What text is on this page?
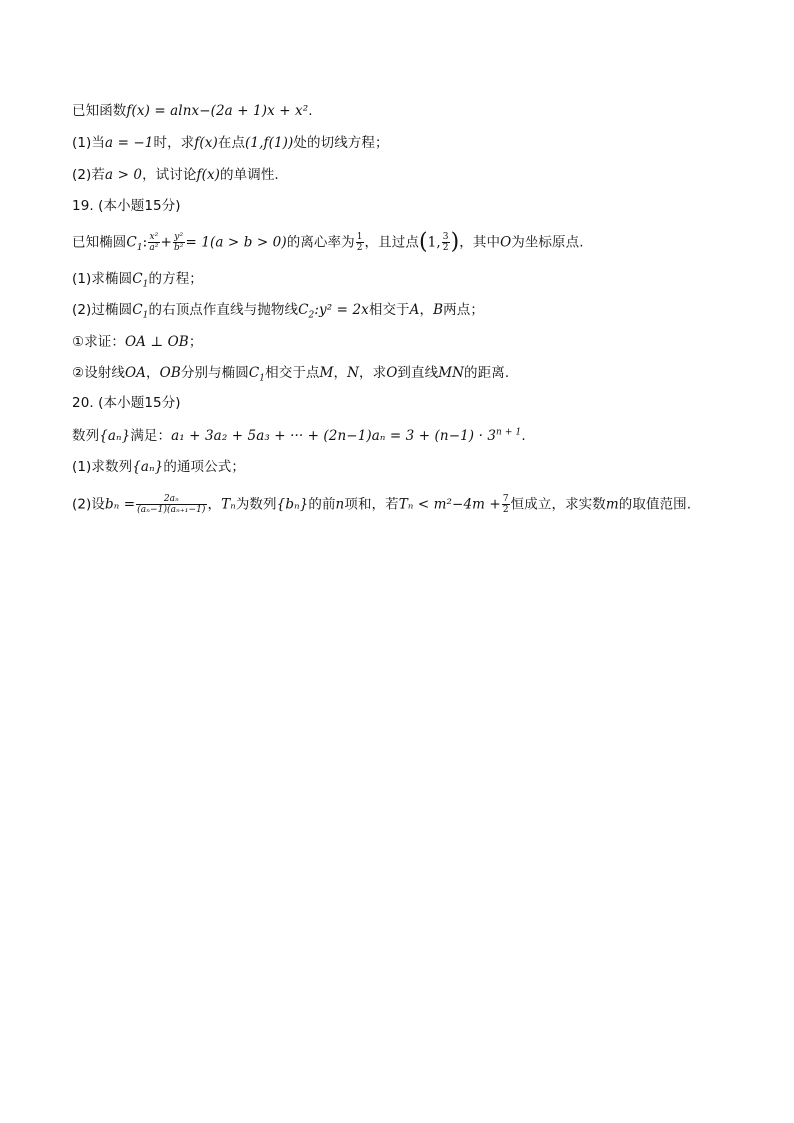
已知函数f(x) = alnx−(2a + 1)x + x².
(1)当a = −1时，求f(x)在点(1,f(1))处的切线方程；
(2)若a > 0，试讨论f(x)的单调性.
19. (本小题15分)
已知椭圆$C_1$: $\frac{\text{x²}}{\text{a²}} + \frac{\text{y²}}{\text{b²}} = 1(a > b > 0)$的离心率为 $\frac{1}{2}$ ，且过点(1, $\frac{3}{2}$ )，其中O为坐标原点.
(1)求椭圆$C_1$的方程；
(2)过椭圆$C_1$的右顶点作直线与抛物线$C_2:y^2 = 2x$相交于A，B两点；
①求证：OA ⊥ OB；
②设射线OA，OB分别与椭圆$C_1$相交于点M，N，求O到直线MN的距离.
20. (本小题15分)
数列{aₙ}满足：a₁ + 3a₂ + 5a₃ + ··· + $(2n-1)a_n = 3 + (n-1) \cdot 3^{n + 1}$.
(1)求数列{aₙ}的通项公式；
(2)设$b_n = \frac{\text{2aₙ}}{\text{(aₙ−1)(aₙ₊₁−1)}}$ ，Tₙ为数列{bₙ}的前n项和，若$T_n < m^2-4m + \frac{7}{2}$ 恒成立，求实数m的取值范围.
